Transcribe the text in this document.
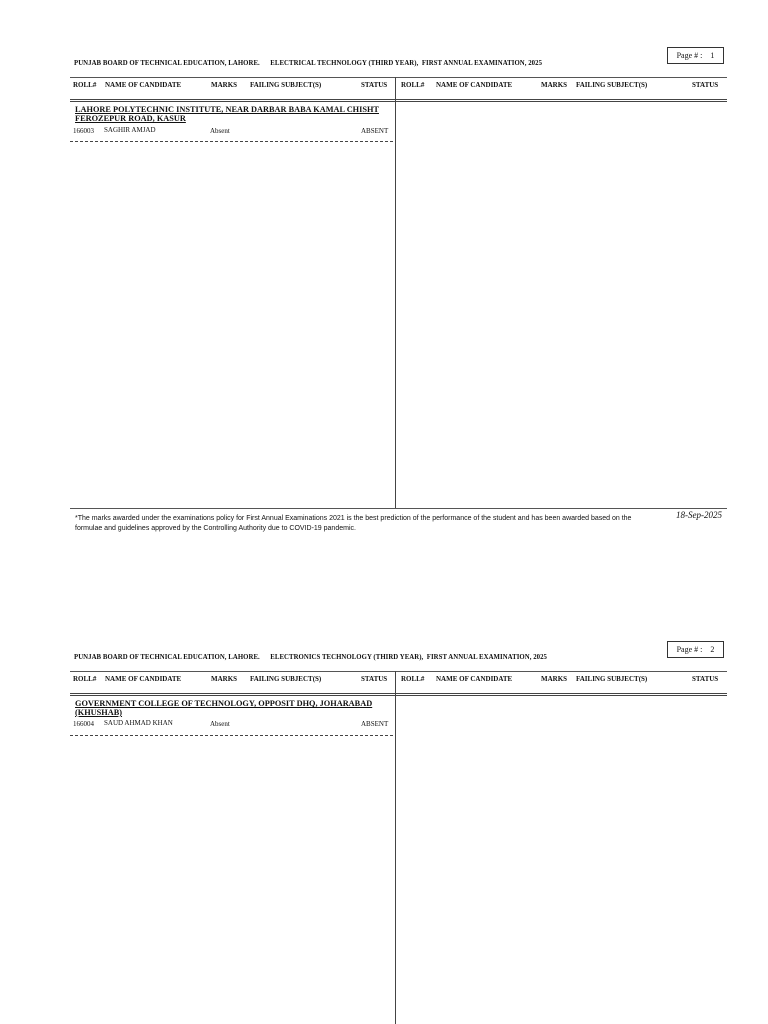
Page # : 1
PUNJAB BOARD OF TECHNICAL EDUCATION, LAHORE.      ELECTRICAL TECHNOLOGY (THIRD YEAR),  FIRST ANNUAL EXAMINATION, 2025
ROLL# NAME OF CANDIDATE	MARKS FAILING SUBJECT(S)	STATUS ROLL# NAME OF CANDIDATE	MARKS FAILING SUBJECT(S)	STATUS
LAHORE POLYTECHNIC INSTITUTE, NEAR DARBAR BABA KAMAL CHISHT
FEROZEPUR ROAD, KASUR
166003 SAGHIR AMJAD	Absent	ABSENT
*The marks awarded under the examinations policy for First Annual Examinations 2021 is the best prediction of the performance of the student and has been awarded based on the formulae and guidelines approved by the Controlling Authority due to COVID-19 pandemic.
18-Sep-2025
Page # : 2
PUNJAB BOARD OF TECHNICAL EDUCATION, LAHORE.      ELECTRONICS TECHNOLOGY (THIRD YEAR),  FIRST ANNUAL EXAMINATION, 2025
ROLL# NAME OF CANDIDATE	MARKS FAILING SUBJECT(S)	STATUS ROLL# NAME OF CANDIDATE	MARKS FAILING SUBJECT(S)	STATUS
GOVERNMENT COLLEGE OF TECHNOLOGY, OPPOSIT DHQ, JOHARABAD
(KHUSHAB)
166004 SAUD AHMAD KHAN	Absent	ABSENT
